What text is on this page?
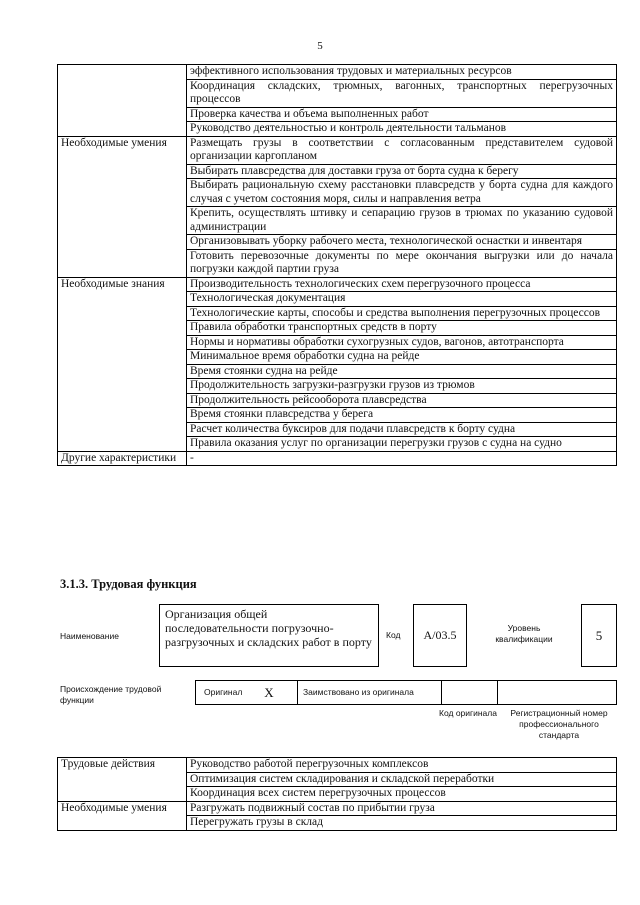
5
	эффективного использования трудовых и материальных ресурсов
	Координация складских, трюмных, вагонных, транспортных перегрузочных процессов
	Проверка качества и объема выполненных работ
	Руководство деятельностью и контроль деятельности тальманов
Необходимые умения	Размещать грузы в соответствии с согласованным представителем судовой организации каргопланом
	Выбирать плавсредства для доставки груза от борта судна к берегу
	Выбирать рациональную схему расстановки плавсредств у борта судна для каждого случая с учетом состояния моря, силы и направления ветра
	Крепить, осуществлять штивку и сепарацию грузов в трюмах по указанию судовой администрации
	Организовывать уборку рабочего места, технологической оснастки и инвентаря
	Готовить перевозочные документы по мере окончания выгрузки или до начала погрузки каждой партии груза
Необходимые знания	Производительность технологических схем перегрузочного процесса
	Технологическая документация
	Технологические карты, способы и средства выполнения перегрузочных процессов
	Правила обработки транспортных средств в порту
	Нормы и нормативы обработки сухогрузных судов, вагонов, автотранспорта
	Минимальное время обработки судна на рейде
	Время стоянки судна на рейде
	Продолжительность загрузки-разгрузки грузов из трюмов
	Продолжительность рейсооборота плавсредства
	Время стоянки плавсредства у берега
	Расчет количества буксиров для подачи плавсредств к борту судна
	Правила оказания услуг по организации перегрузки грузов с судна на судно
Другие характеристики	-
3.1.3. Трудовая функция
Наименование
Организация общей последовательности погрузочно-разгрузочных и складских работ в порту	Код A/03.5	Уровень квалификации	5
Происхождение трудовой функции
Оригинал X	Заимствовано из оригинала
Код оригинала	Регистрационный номер профессионального стандарта
Трудовые действия	Руководство работой перегрузочных комплексов
	Оптимизация систем складирования и складской переработки
	Координация всех систем перегрузочных процессов
Необходимые умения	Разгружать подвижный состав по прибытии груза
	Перегружать грузы в склад
